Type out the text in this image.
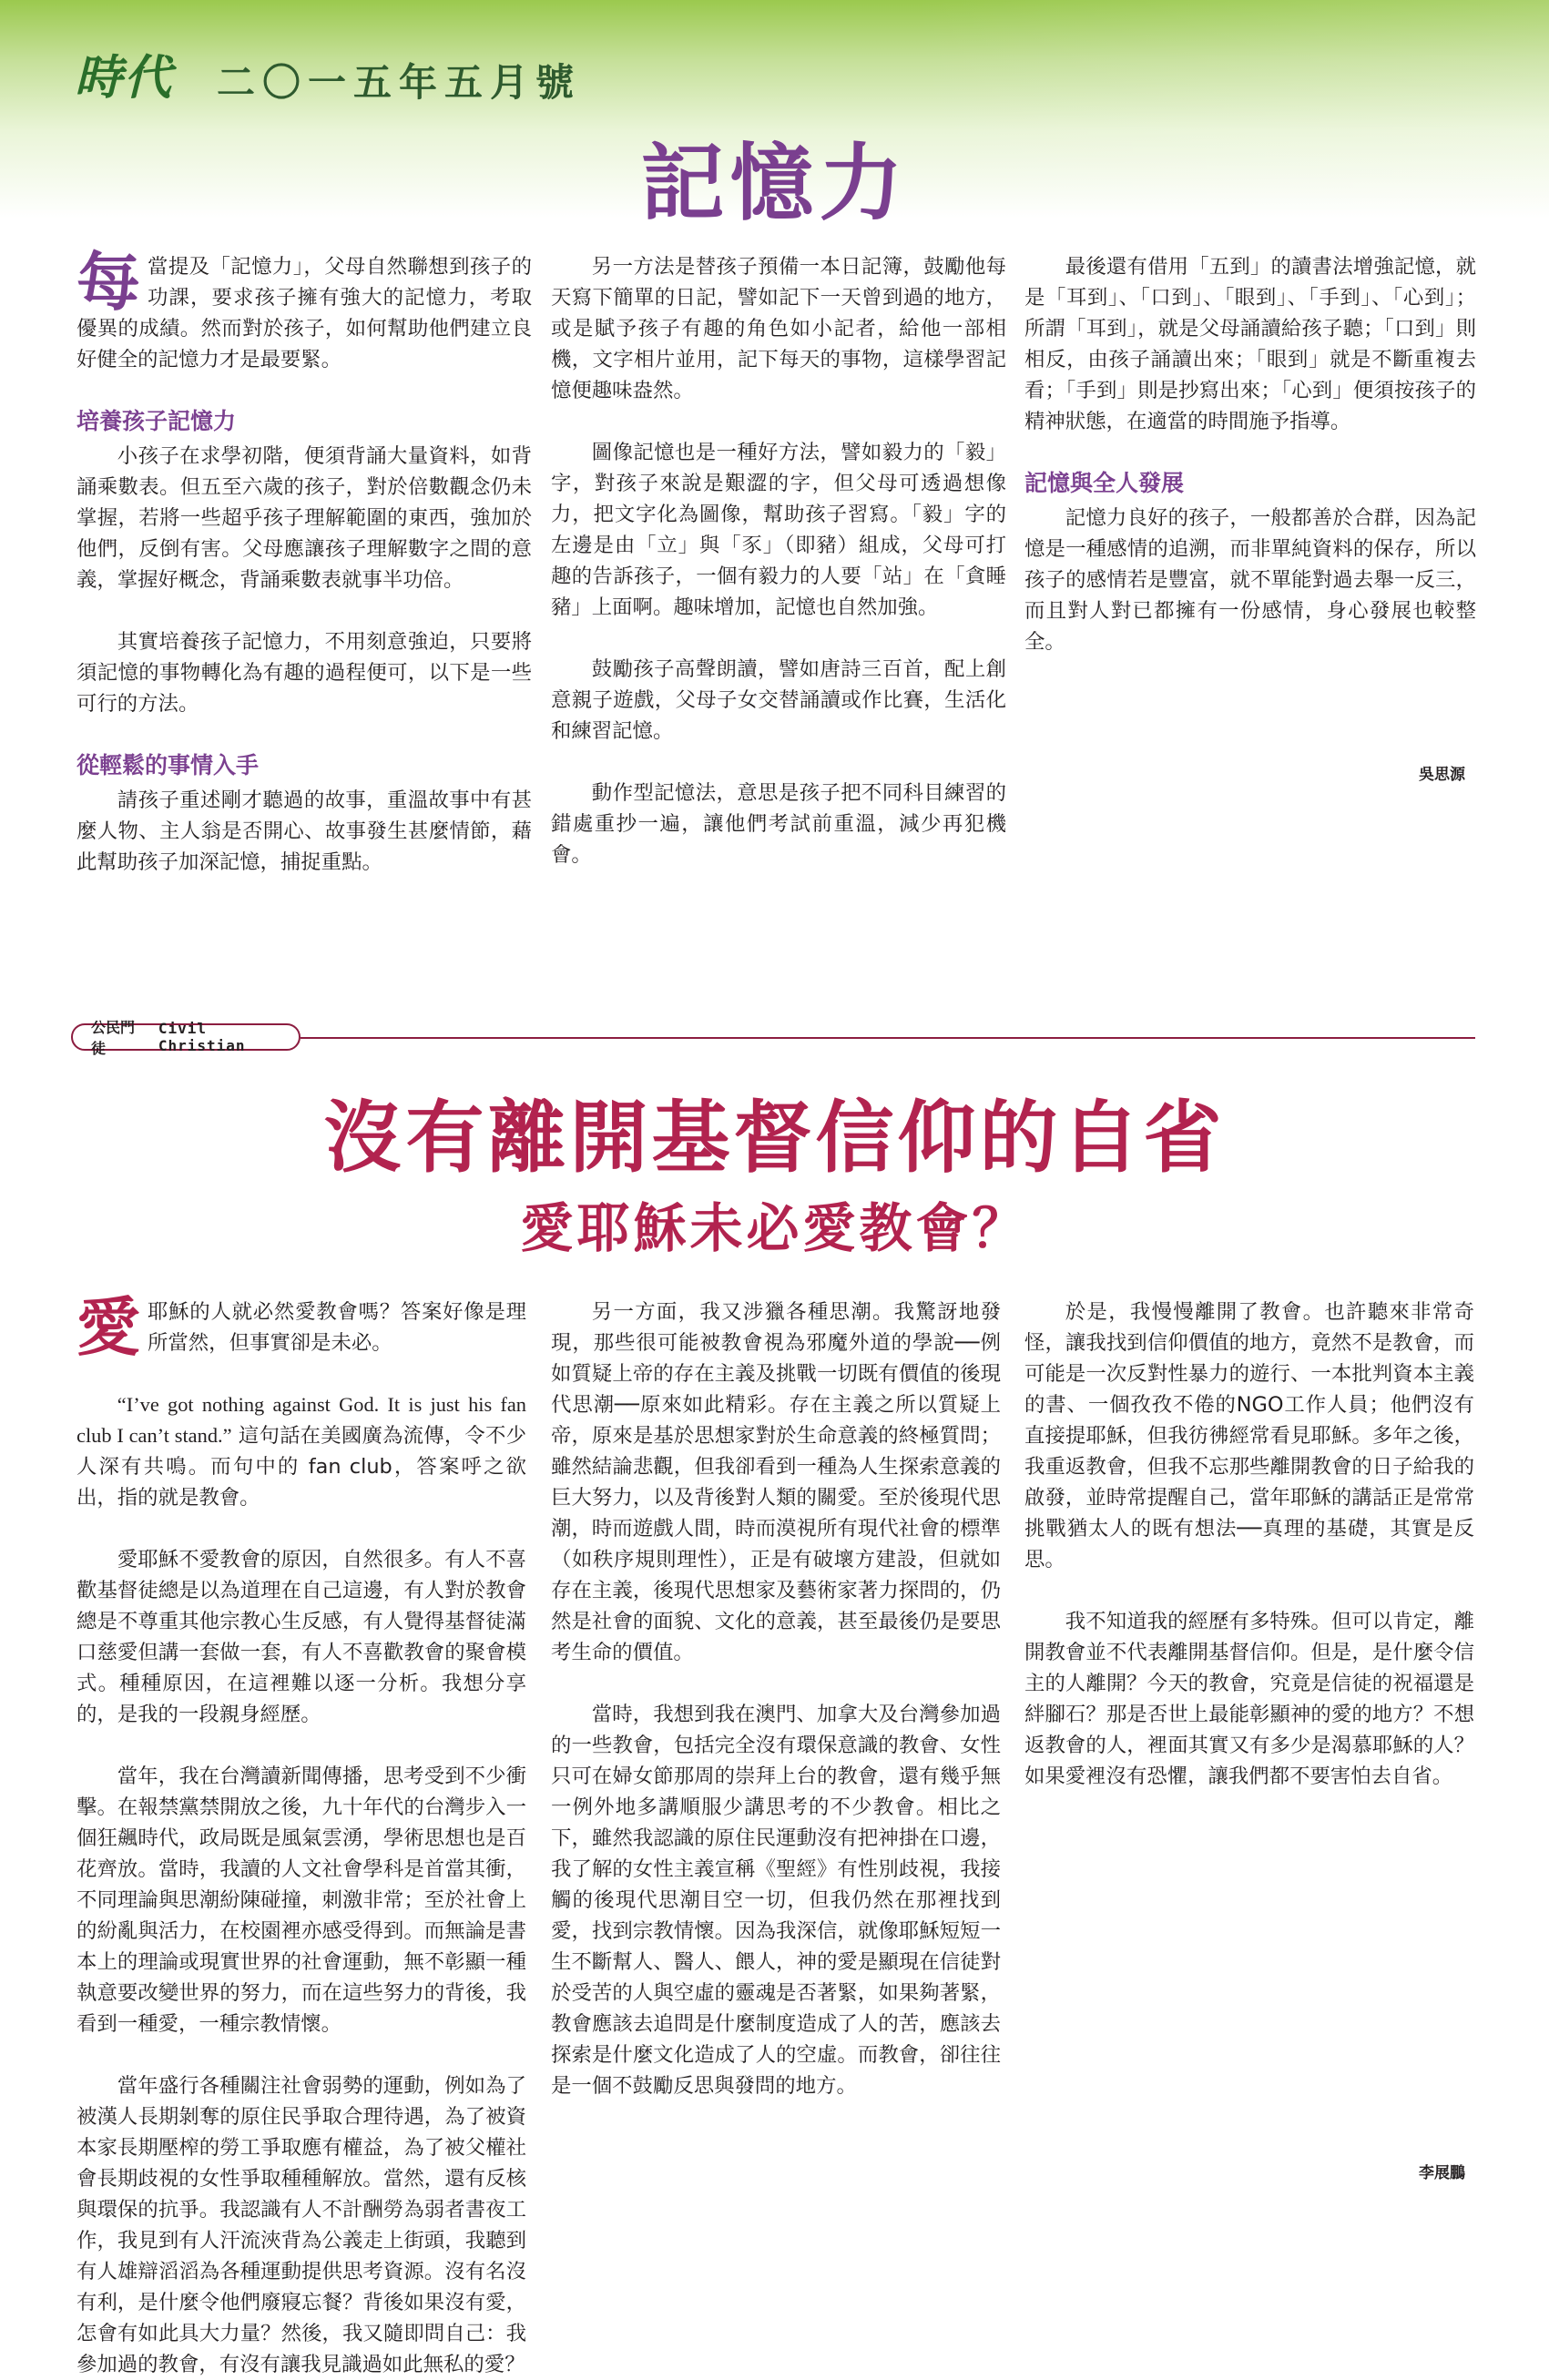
時代 二〇一五年五月號
記憶力

每當提及「記憶力」，父母自然聯想到孩子的功課，要求孩子擁有強大的記憶力，考取優異的成績。然而對於孩子，如何幫助他們建立良好健全的記憶力才是最要緊。

培養孩子記憶力

小孩子在求學初階，便須背誦大量資料，如背誦乘數表。但五至六歲的孩子，對於倍數觀念仍未掌握，若將一些超乎孩子理解範圍的東西，強加於他們，反倒有害。父母應讓孩子理解數字之間的意義，掌握好概念，背誦乘數表就事半功倍。

其實培養孩子記憶力，不用刻意強迫，只要將須記憶的事物轉化為有趣的過程便可，以下是一些可行的方法。

從輕鬆的事情入手

請孩子重述剛才聽過的故事，重溫故事中有甚麼人物、主人翁是否開心、故事發生甚麼情節，藉此幫助孩子加深記憶，捕捉重點。

另一方法是替孩子預備一本日記簿，鼓勵他每天寫下簡單的日記，譬如記下一天曾到過的地方，或是賦予孩子有趣的角色如小記者，給他一部相機，文字相片並用，記下每天的事物，這樣學習記憶便趣味盎然。

圖像記憶也是一種好方法，譬如毅力的「毅」字，對孩子來說是艱澀的字，但父母可透過想像力，把文字化為圖像，幫助孩子習寫。「毅」字的左邊是由「立」與「豕」（即豬）組成，父母可打趣的告訴孩子，一個有毅力的人要「站」在「貪睡豬」上面啊。趣味增加，記憶也自然加強。

鼓勵孩子高聲朗讀，譬如唐詩三百首，配上創意親子遊戲，父母子女交替誦讀或作比賽，生活化和練習記憶。

動作型記憶法，意思是孩子把不同科目練習的錯處重抄一遍，讓他們考試前重溫，減少再犯機會。

最後還有借用「五到」的讀書法增強記憶，就是「耳到」、「口到」、「眼到」、「手到」、「心到」；所謂「耳到」，就是父母誦讀給孩子聽；「口到」則相反，由孩子誦讀出來；「眼到」就是不斷重複去看；「手到」則是抄寫出來；「心到」便須按孩子的精神狀態，在適當的時間施予指導。

記憶與全人發展

記憶力良好的孩子，一般都善於合群，因為記憶是一種感情的追溯，而非單純資料的保存，所以孩子的感情若是豐富，就不單能對過去舉一反三，而且對人對已都擁有一份感情，身心發展也較整全。

吳思源
公民門徒
Civil Christian
沒有離開基督信仰的自省
愛耶穌未必愛教會？

愛耶穌的人就必然愛教會嗎？答案好像是理所當然，但事實卻是未必。

“I’ve got nothing against God. It is just his fan club I can’t stand.” 這句話在美國廣為流傳，令不少人深有共鳴。而句中的 fan club，答案呼之欲出，指的就是教會。

愛耶穌不愛教會的原因，自然很多。有人不喜歡基督徒總是以為道理在自己這邊，有人對於教會總是不尊重其他宗教心生反感，有人覺得基督徒滿口慈愛但講一套做一套，有人不喜歡教會的聚會模式。種種原因，在這裡難以逐一分析。我想分享的，是我的一段親身經歷。

當年，我在台灣讀新聞傳播，思考受到不少衝擊。在報禁黨禁開放之後，九十年代的台灣步入一個狂飆時代，政局既是風氣雲湧，學術思想也是百花齊放。當時，我讀的人文社會學科是首當其衝，不同理論與思潮紛陳碰撞，刺激非常；至於社會上的紛亂與活力，在校園裡亦感受得到。而無論是書本上的理論或現實世界的社會運動，無不彰顯一種執意要改變世界的努力，而在這些努力的背後，我看到一種愛，一種宗教情懷。

當年盛行各種關注社會弱勢的運動，例如為了被漢人長期剝奪的原住民爭取合理待遇，為了被資本家長期壓榨的勞工爭取應有權益，為了被父權社會長期歧視的女性爭取種種解放。當然，還有反核與環保的抗爭。我認識有人不計酬勞為弱者書夜工作，我見到有人汗流浹背為公義走上街頭，我聽到有人雄辯滔滔為各種運動提供思考資源。沒有名沒有利，是什麼令他們廢寢忘餐？背後如果沒有愛，怎會有如此具大力量？然後，我又隨即問自己：我參加過的教會，有沒有讓我見識過如此無私的愛？

另一方面，我又涉獵各種思潮。我驚訝地發現，那些很可能被教會視為邪魔外道的學說──例如質疑上帝的存在主義及挑戰一切既有價值的後現代思潮──原來如此精彩。存在主義之所以質疑上帝，原來是基於思想家對於生命意義的終極質問；雖然結論悲觀，但我卻看到一種為人生探索意義的巨大努力，以及背後對人類的關愛。至於後現代思潮，時而遊戲人間，時而漠視所有現代社會的標準（如秩序規則理性），正是有破壞方建設，但就如存在主義，後現代思想家及藝術家著力探問的，仍然是社會的面貌、文化的意義，甚至最後仍是要思考生命的價值。

當時，我想到我在澳門、加拿大及台灣參加過的一些教會，包括完全沒有環保意識的教會、女性只可在婦女節那周的崇拜上台的教會，還有幾乎無一例外地多講順服少講思考的不少教會。相比之下，雖然我認識的原住民運動沒有把神掛在口邊，我了解的女性主義宣稱《聖經》有性別歧視，我接觸的後現代思潮目空一切，但我仍然在那裡找到愛，找到宗教情懷。因為我深信，就像耶穌短短一生不斷幫人、醫人、餵人，神的愛是顯現在信徒對於受苦的人與空虛的靈魂是否著緊，如果夠著緊，教會應該去追問是什麼制度造成了人的苦，應該去探索是什麼文化造成了人的空虛。而教會，卻往往是一個不鼓勵反思與發問的地方。

於是，我慢慢離開了教會。也許聽來非常奇怪，讓我找到信仰價值的地方，竟然不是教會，而可能是一次反對性暴力的遊行、一本批判資本主義的書、一個孜孜不倦的NGO工作人員；他們沒有直接提耶穌，但我彷彿經常看見耶穌。多年之後，我重返教會，但我不忘那些離開教會的日子給我的啟發，並時常提醒自己，當年耶穌的講話正是常常挑戰猶太人的既有想法──真理的基礎，其實是反思。

我不知道我的經歷有多特殊。但可以肯定，離開教會並不代表離開基督信仰。但是，是什麼令信主的人離開？今天的教會，究竟是信徒的祝福還是絆腳石？那是否世上最能彰顯神的愛的地方？不想返教會的人，裡面其實又有多少是渴慕耶穌的人？如果愛裡沒有恐懼，讓我們都不要害怕去自省。

李展鵬
